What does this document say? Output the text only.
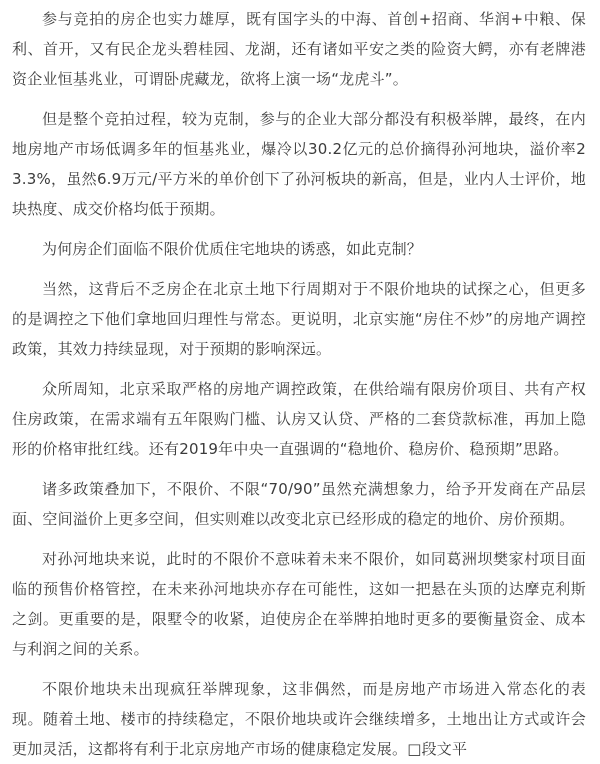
参与竞拍的房企也实力雄厚，既有国字头的中海、首创+招商、华润+中粮、保利、首开，又有民企龙头碧桂园、龙湖，还有诸如平安之类的险资大鳄，亦有老牌港资企业恒基兆业，可谓卧虎藏龙，欲将上演一场“龙虎斗”。

但是整个竞拍过程，较为克制，参与的企业大部分都没有积极举牌，最终，在内地房地产市场低调多年的恒基兆业，爆冷以30.2亿元的总价摘得孙河地块，溢价率23.3%，虽然6.9万元/平方米的单价创下了孙河板块的新高，但是，业内人士评价，地块热度、成交价格均低于预期。

为何房企们面临不限价优质住宅地块的诱惑，如此克制？

当然，这背后不乏房企在北京土地下行周期对于不限价地块的试探之心，但更多的是调控之下他们拿地回归理性与常态。更说明，北京实施“房住不炒”的房地产调控政策，其效力持续显现，对于预期的影响深远。

众所周知，北京采取严格的房地产调控政策，在供给端有限房价项目、共有产权住房政策，在需求端有五年限购门槛、认房又认贷、严格的二套贷款标准，再加上隐形的价格审批红线。还有2019年中央一直强调的“稳地价、稳房价、稳预期”思路。

诸多政策叠加下，不限价、不限“70/90”虽然充满想象力，给予开发商在产品层面、空间溢价上更多空间，但实则难以改变北京已经形成的稳定的地价、房价预期。

对孙河地块来说，此时的不限价不意味着未来不限价，如同葛洲坝樊家村项目面临的预售价格管控，在未来孙河地块亦存在可能性，这如一把悬在头顶的达摩克利斯之剑。更重要的是，限墅令的收紧，迫使房企在举牌拍地时更多的要衡量资金、成本与利润之间的关系。

不限价地块未出现疯狂举牌现象，这非偶然，而是房地产市场进入常态化的表现。随着土地、楼市的持续稳定，不限价地块或许会继续增多，土地出让方式或许会更加灵活，这都将有利于北京房地产市场的健康稳定发展。□段文平
